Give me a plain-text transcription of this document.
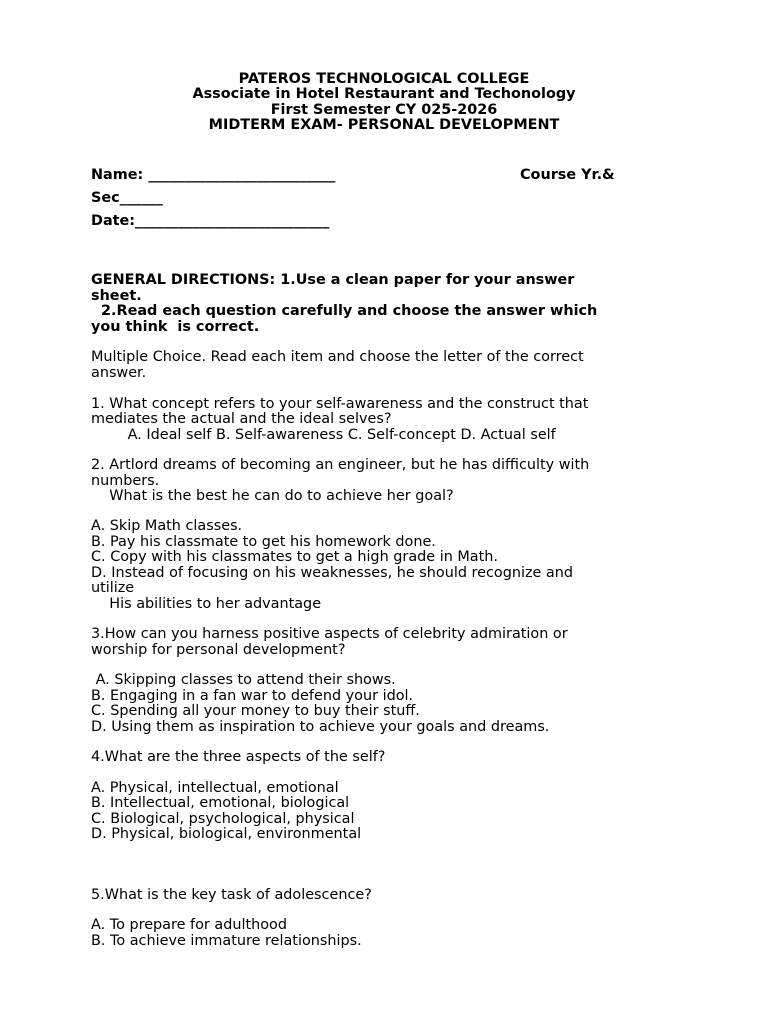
PATEROS TECHNOLOGICAL COLLEGE
Associate in Hotel Restaurant and Techonology
First Semester CY 025-2026
MIDTERM EXAM- PERSONAL DEVELOPMENT
Name: __________________________	Course Yr.&
Sec______
Date:___________________________
GENERAL DIRECTIONS: 1.Use a clean paper for your answer
sheet.
2.Read each question carefully and choose the answer which
you think  is correct.
Multiple Choice. Read each item and choose the letter of the correct
answer.
1. What concept refers to your self-awareness and the construct that
mediates the actual and the ideal selves?
A. Ideal self B. Self-awareness C. Self-concept D. Actual self
2. Artlord dreams of becoming an engineer, but he has difficulty with
numbers.
What is the best he can do to achieve her goal?
A. Skip Math classes.
B. Pay his classmate to get his homework done.
C. Copy with his classmates to get a high grade in Math.
D. Instead of focusing on his weaknesses, he should recognize and
utilize
His abilities to her advantage
3.How can you harness positive aspects of celebrity admiration or
worship for personal development?
A. Skipping classes to attend their shows.
B. Engaging in a fan war to defend your idol.
C. Spending all your money to buy their stuff.
D. Using them as inspiration to achieve your goals and dreams.
4.What are the three aspects of the self?
A. Physical, intellectual, emotional
B. Intellectual, emotional, biological
C. Biological, psychological, physical
D. Physical, biological, environmental
5.What is the key task of adolescence?
A. To prepare for adulthood
B. To achieve immature relationships.
